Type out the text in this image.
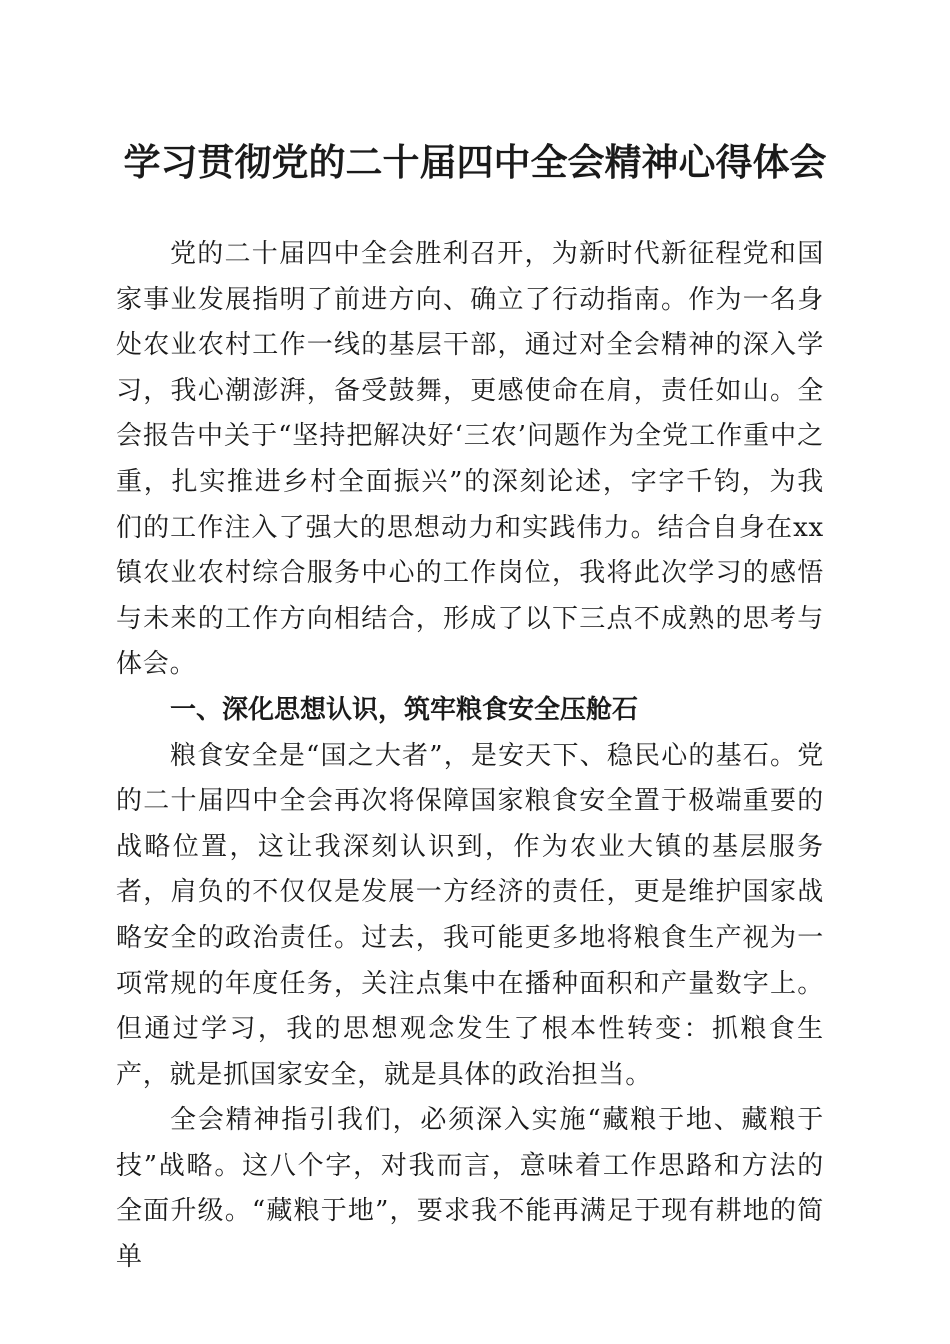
学习贯彻党的二十届四中全会精神心得体会

党的二十届四中全会胜利召开，为新时代新征程党和国家事业发展指明了前进方向、确立了行动指南。作为一名身处农业农村工作一线的基层干部，通过对全会精神的深入学习，我心潮澎湃，备受鼓舞，更感使命在肩，责任如山。全会报告中关于“坚持把解决好‘三农’问题作为全党工作重中之重，扎实推进乡村全面振兴”的深刻论述，字字千钧，为我们的工作注入了强大的思想动力和实践伟力。结合自身在xx镇农业农村综合服务中心的工作岗位，我将此次学习的感悟与未来的工作方向相结合，形成了以下三点不成熟的思考与体会。

一、深化思想认识，筑牢粮食安全压舱石

粮食安全是“国之大者”，是安天下、稳民心的基石。党的二十届四中全会再次将保障国家粮食安全置于极端重要的战略位置，这让我深刻认识到，作为农业大镇的基层服务者，肩负的不仅仅是发展一方经济的责任，更是维护国家战略安全的政治责任。过去，我可能更多地将粮食生产视为一项常规的年度任务，关注点集中在播种面积和产量数字上。但通过学习，我的思想观念发生了根本性转变：抓粮食生产，就是抓国家安全，就是具体的政治担当。

全会精神指引我们，必须深入实施“藏粮于地、藏粮于技”战略。这八个字，对我而言，意味着工作思路和方法的全面升级。“藏粮于地”，要求我不能再满足于现有耕地的简单
